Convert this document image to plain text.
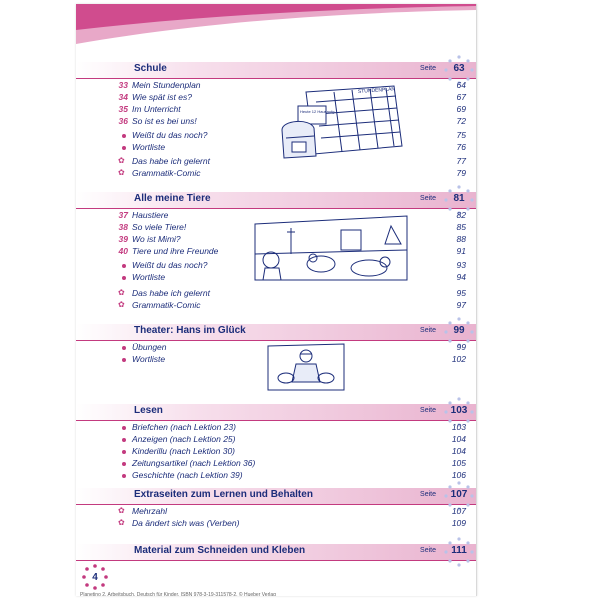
Schule	Seite	63
33 Mein Stundenplan	64
34 Wie spät ist es?	67
35 Im Unterricht	69
36 So ist es bei uns!	72
Weißt du das noch?	75
Wortliste	76
✿ Das habe ich gelernt	77
✿ Grammatik-Comic	79
STUNDENPLAN
Heute 12 Hausaufg.
Alle meine Tiere	Seite	81
37 Haustiere	82
38 So viele Tiere!	85
39 Wo ist Mimi?	88
40 Tiere und ihre Freunde	91
Weißt du das noch?	93
Wortliste	94
✿ Das habe ich gelernt	95
✿ Grammatik-Comic	97
Theater: Hans im Glück	Seite	99
Übungen	99
Wortliste	102
Lesen	Seite	103
Briefchen (nach Lektion 23)	103
Anzeigen (nach Lektion 25)	104
Kinderillu (nach Lektion 30)	104
Zeitungsartikel (nach Lektion 36)	105
Geschichte (nach Lektion 39)	106
Extraseiten zum Lernen und Behalten	Seite	107
✿ Mehrzahl	107
✿ Da ändert sich was (Verben)	109
Material zum Schneiden und Kleben	Seite	111
4
Planetino 2, Arbeitsbuch, Deutsch für Kinder, ISBN 978-3-19-311578-2, © Hueber Verlag
